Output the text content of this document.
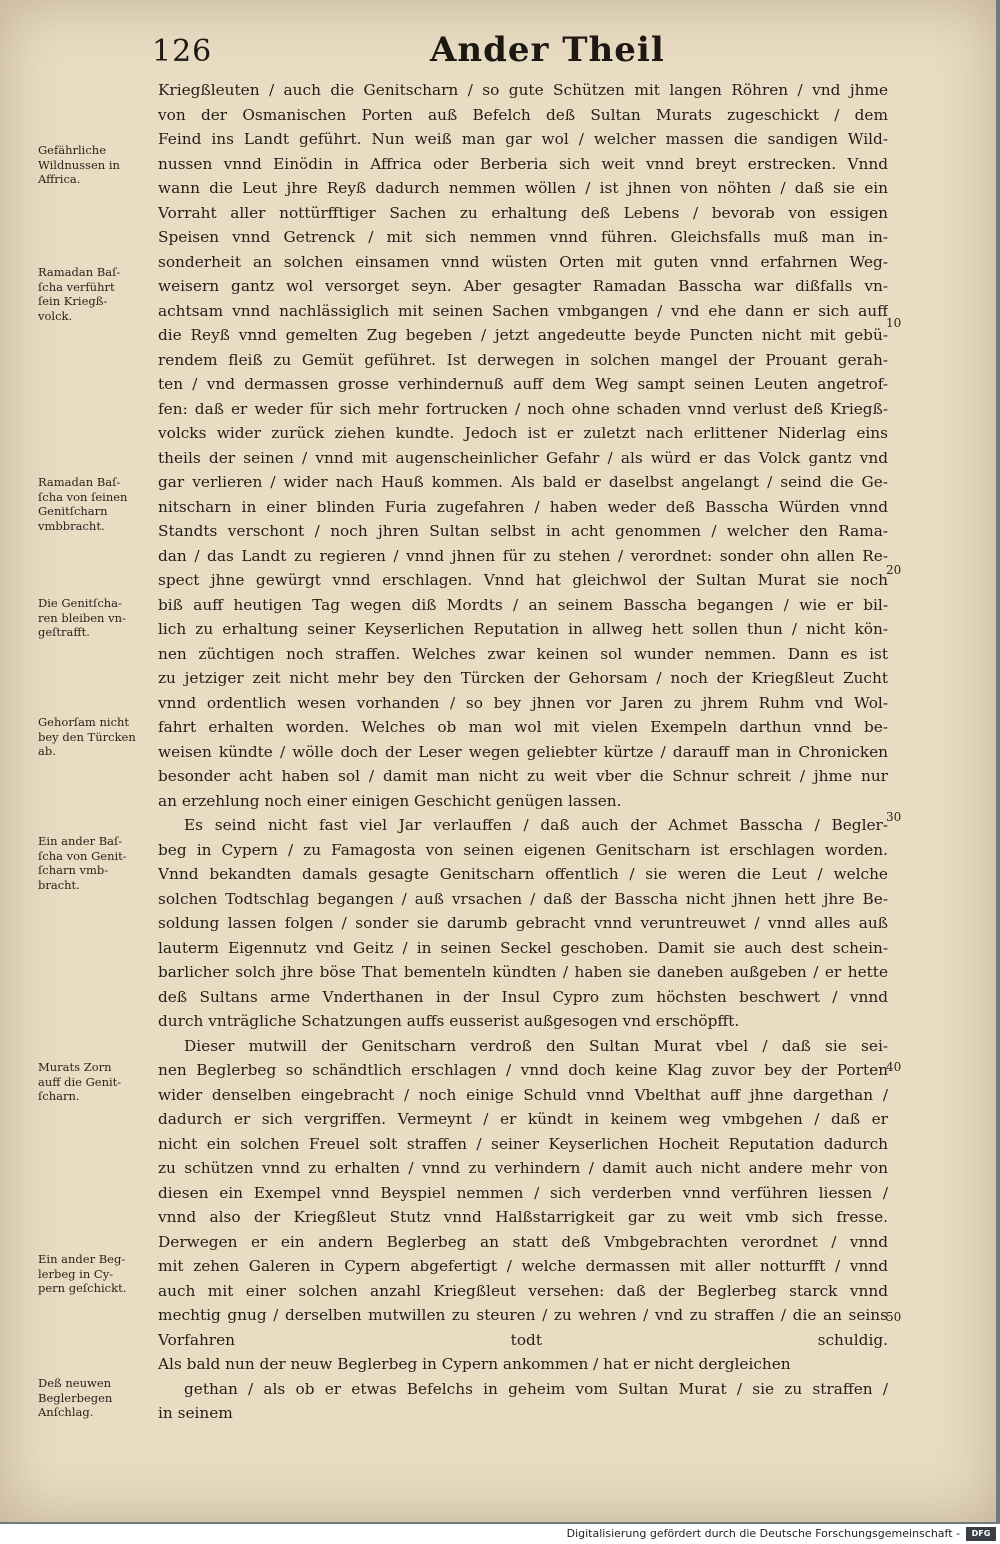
126	Ander Theil
Kriegßleuten / auch die Genitscharn / so gute Schützen mit langen Röhren / vnd jhme
von der Osmanischen Porten auß Befelch deß Sultan Murats zugeschickt / dem
Feind ins Landt geführt. Nun weiß man gar wol / welcher massen die sandigen Wild-
nussen vnnd Einödin in Affrica oder Berberia sich weit vnnd breyt erstrecken. Vnnd
wann die Leut jhre Reyß dadurch nemmen wöllen / ist jhnen von nöhten / daß sie ein
Vorraht aller nottürfftiger Sachen zu erhaltung deß Lebens / bevorab von essigen
Speisen vnnd Getrenck / mit sich nemmen vnnd führen. Gleichsfalls muß man in-
sonderheit an solchen einsamen vnnd wüsten Orten mit guten vnnd erfahrnen Weg-
weisern gantz wol versorget seyn. Aber gesagter Ramadan Basscha war dißfalls vn-
achtsam vnnd nachlässiglich mit seinen Sachen vmbgangen / vnd ehe dann er sich auff
die Reyß vnnd gemelten Zug begeben / jetzt angedeutte beyde Puncten nicht mit gebü-
rendem fleiß zu Gemüt geführet. Ist derwegen in solchen mangel der Prouant gerah-
ten / vnd dermassen grosse verhindernuß auff dem Weg sampt seinen Leuten angetrof-
fen: daß er weder für sich mehr fortrucken / noch ohne schaden vnnd verlust deß Kriegß-
volcks wider zurück ziehen kundte. Jedoch ist er zuletzt nach erlittener Niderlag eins
theils der seinen / vnnd mit augenscheinlicher Gefahr / als würd er das Volck gantz vnd
gar verlieren / wider nach Hauß kommen. Als bald er daselbst angelangt / seind die Ge-
nitscharn in einer blinden Furia zugefahren / haben weder deß Basscha Würden vnnd
Standts verschont / noch jhren Sultan selbst in acht genommen / welcher den Rama-
dan / das Landt zu regieren / vnnd jhnen für zu stehen / verordnet: sonder ohn allen Re-
spect jhne gewürgt vnnd erschlagen. Vnnd hat gleichwol der Sultan Murat sie noch
biß auff heutigen Tag wegen diß Mordts / an seinem Basscha begangen / wie er bil-
lich zu erhaltung seiner Keyserlichen Reputation in allweg hett sollen thun / nicht kön-
nen züchtigen noch straffen. Welches zwar keinen sol wunder nemmen. Dann es ist
zu jetziger zeit nicht mehr bey den Türcken der Gehorsam / noch der Kriegßleut Zucht
vnnd ordentlich wesen vorhanden / so bey jhnen vor Jaren zu jhrem Ruhm vnd Wol-
fahrt erhalten worden. Welches ob man wol mit vielen Exempeln darthun vnnd be-
weisen kündte / wölle doch der Leser wegen geliebter kürtze / darauff man in Chronicken
besonder acht haben sol / damit man nicht zu weit vber die Schnur schreit / jhme nur
an erzehlung noch einer einigen Geschicht genügen lassen.
Es seind nicht fast viel Jar verlauffen / daß auch der Achmet Basscha / Begler-
beg in Cypern / zu Famagosta von seinen eigenen Genitscharn ist erschlagen worden.
Vnnd bekandten damals gesagte Genitscharn offentlich / sie weren die Leut / welche
solchen Todtschlag begangen / auß vrsachen / daß der Basscha nicht jhnen hett jhre Be-
soldung lassen folgen / sonder sie darumb gebracht vnnd veruntreuwet / vnnd alles auß
lauterm Eigennutz vnd Geitz / in seinen Seckel geschoben. Damit sie auch dest schein-
barlicher solch jhre böse That bementeln kündten / haben sie daneben außgeben / er hette
deß Sultans arme Vnderthanen in der Insul Cypro zum höchsten beschwert / vnnd
durch vnträgliche Schatzungen auffs eusserist außgesogen vnd erschöpfft.
Dieser mutwill der Genitscharn verdroß den Sultan Murat vbel / daß sie sei-
nen Beglerbeg so schändtlich erschlagen / vnnd doch keine Klag zuvor bey der Porten
wider denselben eingebracht / noch einige Schuld vnnd Vbelthat auff jhne dargethan /
dadurch er sich vergriffen. Vermeynt / er kündt in keinem weg vmbgehen / daß er
nicht ein solchen Freuel solt straffen / seiner Keyserlichen Hocheit Reputation dadurch
zu schützen vnnd zu erhalten / vnnd zu verhindern / damit auch nicht andere mehr von
diesen ein Exempel vnnd Beyspiel nemmen / sich verderben vnnd verführen liessen /
vnnd also der Kriegßleut Stutz vnnd Halßstarrigkeit gar zu weit vmb sich fresse.
Derwegen er ein andern Beglerbeg an statt deß Vmbgebrachten verordnet / vnnd
mit zehen Galeren in Cypern abgefertigt / welche dermassen mit aller notturfft / vnnd
auch mit einer solchen anzahl Kriegßleut versehen: daß der Beglerbeg starck vnnd
mechtig gnug / derselben mutwillen zu steuren / zu wehren / vnd zu straffen / die an seins
Vorfahren todt schuldig.
Als bald nun der neuw Beglerbeg in Cypern ankommen / hat er nicht dergleichen
gethan / als ob er etwas Befelchs in geheim vom Sultan Murat / sie zu straffen /
in seinem
Gefährliche
Wildnussen in
Affrica.
Ramadan Baſ-
ſcha verführt
ſein Kriegß-
volck.
Ramadan Baſ-
ſcha von ſeinen
Genitſcharn
vmbbracht.
Die Genitſcha-
ren bleiben vn-
geſtrafft.
Gehorſam nicht
bey den Türcken
ab.
Ein ander Baſ-
ſcha von Genit-
ſcharn vmb-
bracht.
Murats Zorn
auff die Genit-
ſcharn.
Ein ander Beg-
lerbeg in Cy-
pern geſchickt.
Deß neuwen
Beglerbegen
Anſchlag.
10
20
30
40
50
Digitalisierung gefördert durch die Deutsche Forschungsgemeinschaft -	DFG
